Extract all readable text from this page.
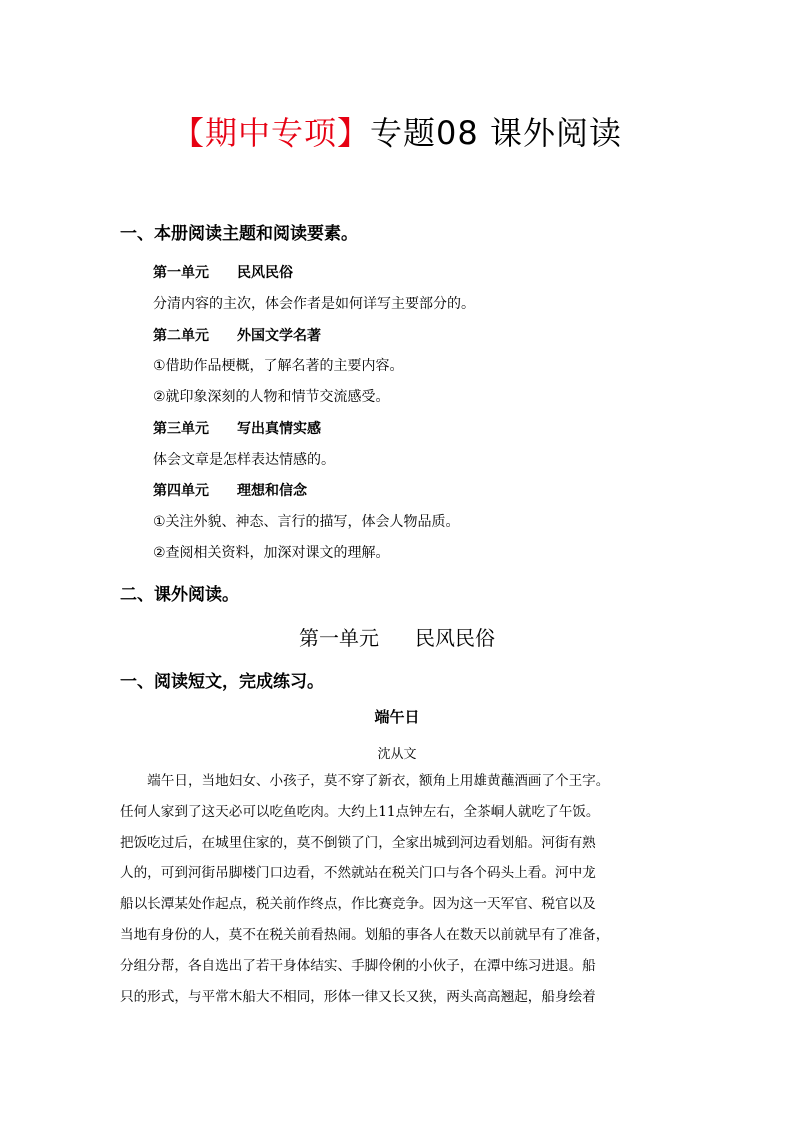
【期中专项】专题08 课外阅读
一、本册阅读主题和阅读要素。
第一单元 民风民俗
分清内容的主次，体会作者是如何详写主要部分的。
第二单元 外国文学名著
①借助作品梗概，了解名著的主要内容。
②就印象深刻的人物和情节交流感受。
第三单元 写出真情实感
体会文章是怎样表达情感的。
第四单元 理想和信念
①关注外貌、神态、言行的描写，体会人物品质。
②查阅相关资料，加深对课文的理解。
二、课外阅读。
第一单元 民风民俗
一、阅读短文，完成练习。
端午日
沈从文
　　端午日，当地妇女、小孩子，莫不穿了新衣，额角上用雄黄蘸酒画了个王字。
任何人家到了这天必可以吃鱼吃肉。大约上11点钟左右，全茶峒人就吃了午饭。
把饭吃过后，在城里住家的，莫不倒锁了门，全家出城到河边看划船。河街有熟
人的，可到河街吊脚楼门口边看，不然就站在税关门口与各个码头上看。河中龙
船以长潭某处作起点，税关前作终点，作比赛竞争。因为这一天军官、税官以及
当地有身份的人，莫不在税关前看热闹。划船的事各人在数天以前就早有了准备，
分组分帮，各自选出了若干身体结实、手脚伶俐的小伙子，在潭中练习进退。船
只的形式，与平常木船大不相同，形体一律又长又狭，两头高高翘起，船身绘着
